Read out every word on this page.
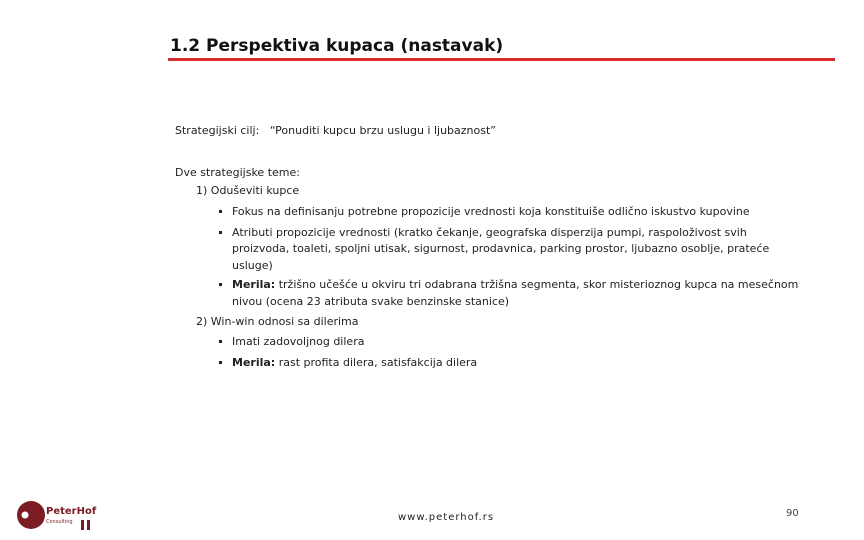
1.2 Perspektiva kupaca (nastavak)
Strategijski cilj: “Ponuditi kupcu brzu uslugu i ljubaznost”
Dve strategijske teme:
1) Oduševiti kupce
Fokus na definisanju potrebne propozicije vrednosti koja konstituiše odlično iskustvo kupovine
Atributi propozicije vrednosti (kratko čekanje, geografska disperzija pumpi, raspoloživost svih
proizvoda, toaleti, spoljni utisak, sigurnost, prodavnica, parking prostor, ljubazno osoblje, prateće
usluge)
Merila: tržišno učešće u okviru tri odabrana tržišna segmenta, skor misterioznog kupca na mesečnom
nivou (ocena 23 atributa svake benzinske stanice)
2) Win-win odnosi sa dilerima
Imati zadovoljnog dilera
Merila: rast profita dilera, satisfakcija dilera
PeterHof
Consulting	www.peterhof.rs	90
